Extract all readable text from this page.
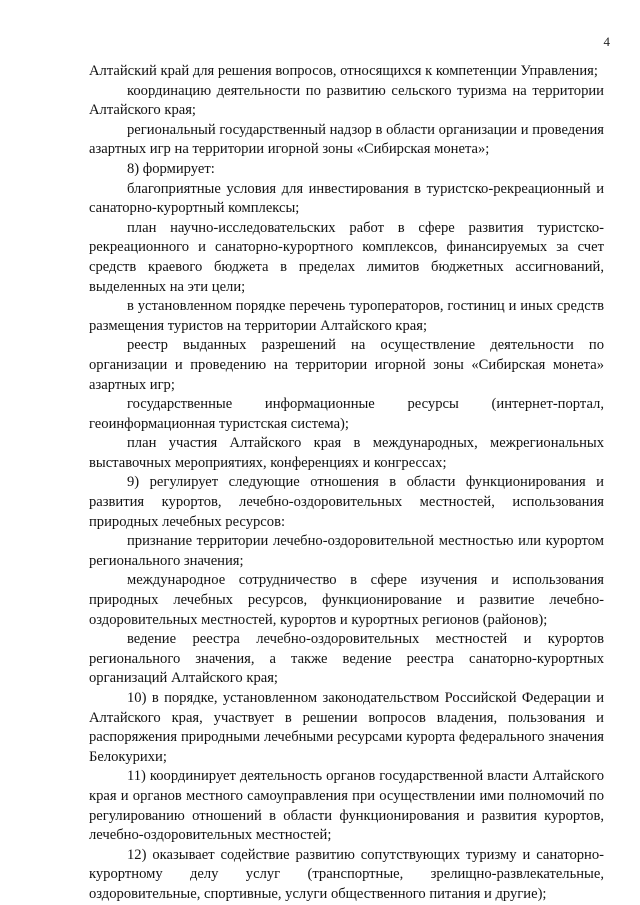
4

Алтайский край для решения вопросов, относящихся к компетенции Управления;

координацию деятельности по развитию сельского туризма на территории Алтайского края;

региональный государственный надзор в области организации и проведения азартных игр на территории игорной зоны «Сибирская монета»;

8) формирует:

благоприятные условия для инвестирования в туристско-рекреационный и санаторно-курортный комплексы;

план научно-исследовательских работ в сфере развития туристско-рекреационного и санаторно-курортного комплексов, финансируемых за счет средств краевого бюджета в пределах лимитов бюджетных ассигнований, выделенных на эти цели;

в установленном порядке перечень туроператоров, гостиниц и иных средств размещения туристов на территории Алтайского края;

реестр выданных разрешений на осуществление деятельности по организации и проведению на территории игорной зоны «Сибирская монета» азартных игр;

государственные информационные ресурсы (интернет-портал, геоинформационная туристская система);

план участия Алтайского края в международных, межрегиональных выставочных мероприятиях, конференциях и конгрессах;

9) регулирует следующие отношения в области функционирования и развития курортов, лечебно-оздоровительных местностей, использования природных лечебных ресурсов:

признание территории лечебно-оздоровительной местностью или курортом регионального значения;

международное сотрудничество в сфере изучения и использования природных лечебных ресурсов, функционирование и развитие лечебно-оздоровительных местностей, курортов и курортных регионов (районов);

ведение реестра лечебно-оздоровительных местностей и курортов регионального значения, а также ведение реестра санаторно-курортных организаций Алтайского края;

10) в порядке, установленном законодательством Российской Федерации и Алтайского края, участвует в решении вопросов владения, пользования и распоряжения природными лечебными ресурсами курорта федерального значения Белокурихи;

11) координирует деятельность органов государственной власти Алтайского края и органов местного самоуправления при осуществлении ими полномочий по регулированию отношений в области функционирования и развития курортов, лечебно-оздоровительных местностей;

12) оказывает содействие развитию сопутствующих туризму и санаторно-курортному делу услуг (транспортные, зрелищно-развлекательные, оздоровительные, спортивные, услуги общественного питания и другие);
